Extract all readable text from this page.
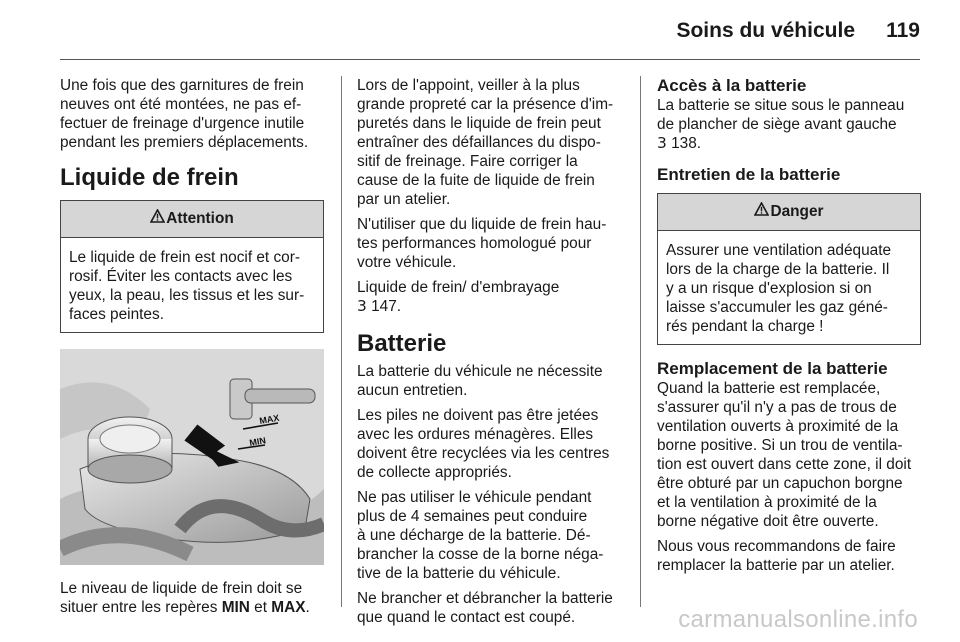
Soins du véhicule 119

Une fois que des garnitures de frein
neuves ont été montées, ne pas ef-
fectuer de freinage d'urgence inutile
pendant les premiers déplacements.

Liquide de frein
Attention
Le liquide de frein est nocif et cor-
rosif. Éviter les contacts avec les
yeux, la peau, les tissus et les sur-
faces peintes.
MAX
MIN

Le niveau de liquide de frein doit se
situer entre les repères MIN et MAX.

Lors de l'appoint, veiller à la plus
grande propreté car la présence d'im-
puretés dans le liquide de frein peut
entraîner des défaillances du dispo-
sitif de freinage. Faire corriger la
cause de la fuite de liquide de frein
par un atelier.

N'utiliser que du liquide de frein hau-
tes performances homologué pour
votre véhicule.

Liquide de frein/ d'embrayage
3 147.

Batterie

La batterie du véhicule ne nécessite
aucun entretien.

Les piles ne doivent pas être jetées
avec les ordures ménagères. Elles
doivent être recyclées via les centres
de collecte appropriés.

Ne pas utiliser le véhicule pendant
plus de 4 semaines peut conduire
à une décharge de la batterie. Dé-
brancher la cosse de la borne néga-
tive de la batterie du véhicule.

Ne brancher et débrancher la batterie
que quand le contact est coupé.

Accès à la batterie

La batterie se situe sous le panneau
de plancher de siège avant gauche
3 138.

Entretien de la batterie
Danger
Assurer une ventilation adéquate
lors de la charge de la batterie. Il
y a un risque d'explosion si on
laisse s'accumuler les gaz géné-
rés pendant la charge !
Remplacement de la batterie

Quand la batterie est remplacée,
s'assurer qu'il n'y a pas de trous de
ventilation ouverts à proximité de la
borne positive. Si un trou de ventila-
tion est ouvert dans cette zone, il doit
être obturé par un capuchon borgne
et la ventilation à proximité de la
borne négative doit être ouverte.

Nous vous recommandons de faire
remplacer la batterie par un atelier.

carmanualsonline.info
